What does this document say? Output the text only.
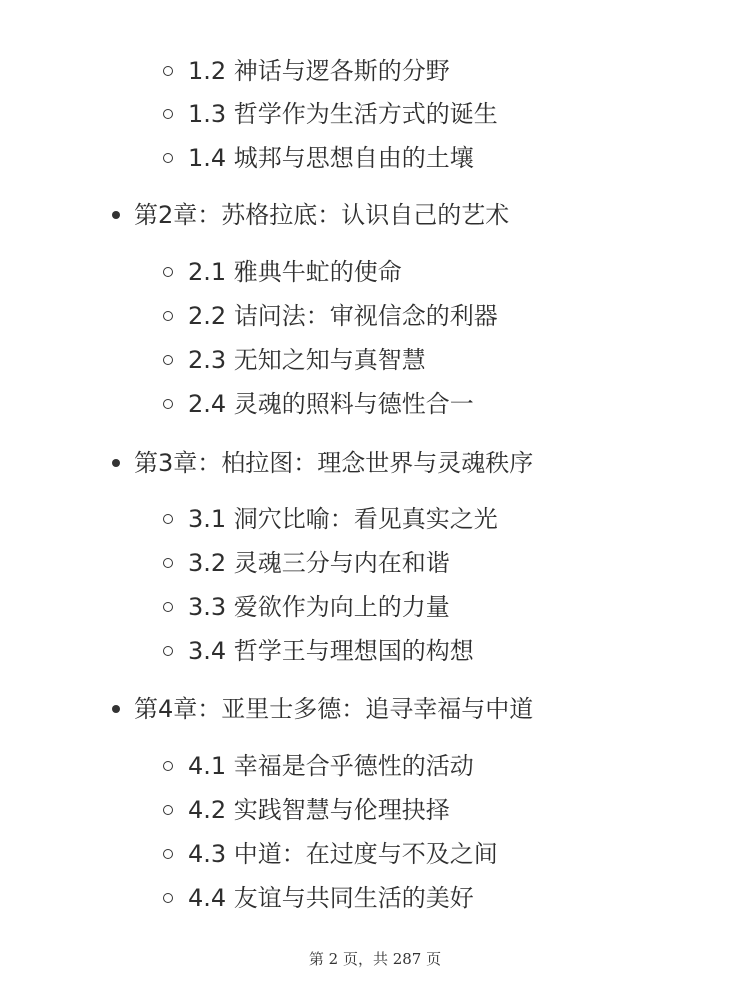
1.2 神话与逻各斯的分野
1.3 哲学作为生活方式的诞生
1.4 城邦与思想自由的土壤
第2章：苏格拉底：认识自己的艺术
2.1 雅典牛虻的使命
2.2 诘问法：审视信念的利器
2.3 无知之知与真智慧
2.4 灵魂的照料与德性合一
第3章：柏拉图：理念世界与灵魂秩序
3.1 洞穴比喻：看见真实之光
3.2 灵魂三分与内在和谐
3.3 爱欲作为向上的力量
3.4 哲学王与理想国的构想
第4章：亚里士多德：追寻幸福与中道
4.1 幸福是合乎德性的活动
4.2 实践智慧与伦理抉择
4.3 中道：在过度与不及之间
4.4 友谊与共同生活的美好
第 2 页，共 287 页
